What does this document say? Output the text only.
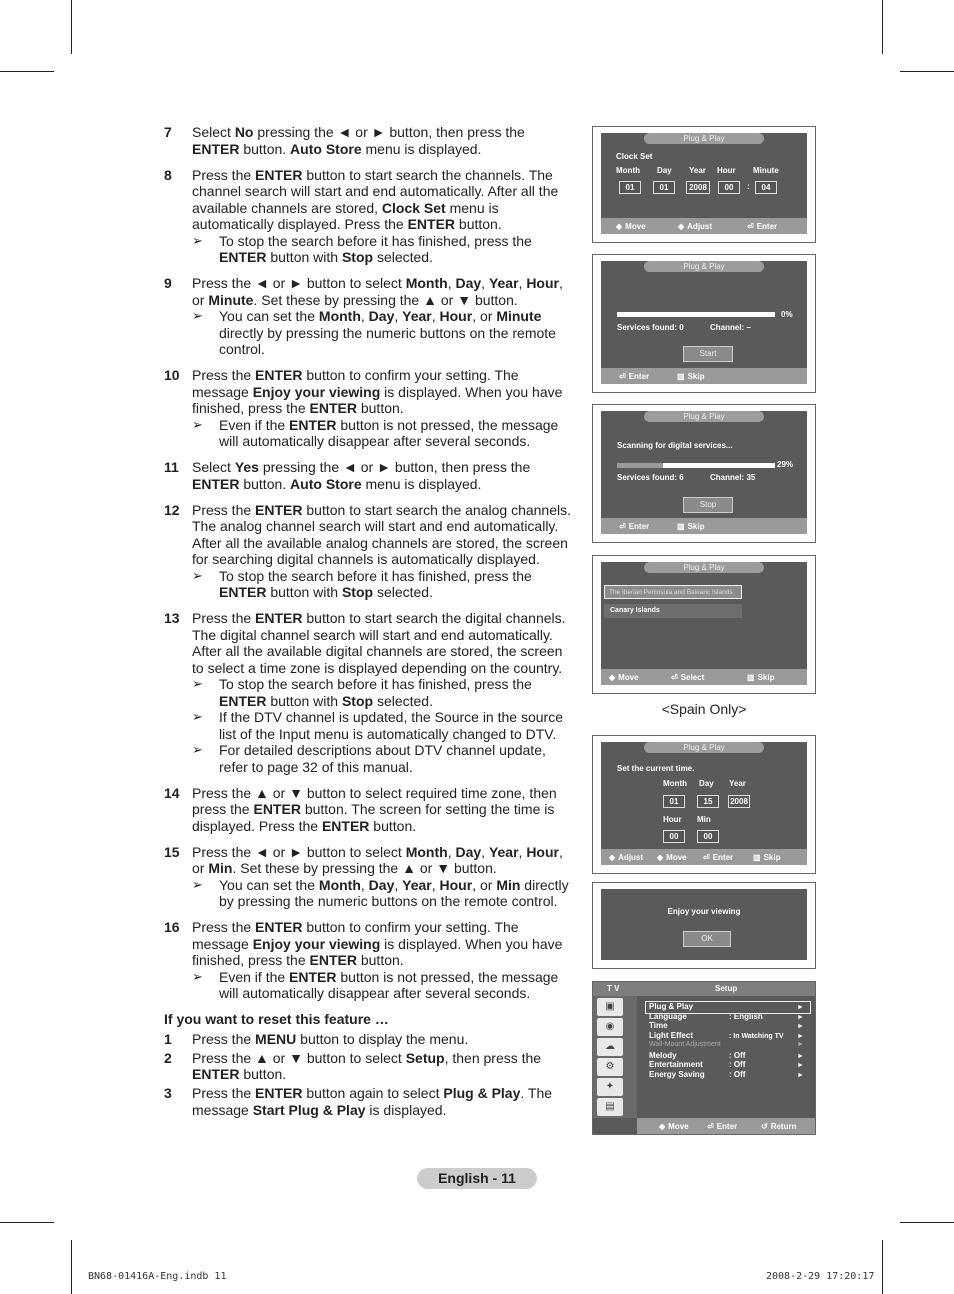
7	Select No pressing the ◄ or ► button, then press the ENTER button. Auto Store menu is displayed.
8	Press the ENTER button to start search the channels. The channel search will start and end automatically. After all the available channels are stored, Clock Set menu is automatically displayed. Press the ENTER button.
➢	To stop the search before it has finished, press the ENTER button with Stop selected.
9	Press the ◄ or ► button to select Month, Day, Year, Hour, or Minute. Set these by pressing the ▲ or ▼ button.
➢	You can set the Month, Day, Year, Hour, or Minute directly by pressing the numeric buttons on the remote control.
10 Press the ENTER button to confirm your setting. The message Enjoy your viewing is displayed. When you have finished, press the ENTER button.
➢	Even if the ENTER button is not pressed, the message will automatically disappear after several seconds.
11 Select Yes pressing the ◄ or ► button, then press the ENTER button. Auto Store menu is displayed.
12 Press the ENTER button to start search the analog channels. The analog channel search will start and end automatically. After all the available analog channels are stored, the screen for searching digital channels is automatically displayed.
➢	To stop the search before it has finished, press the ENTER button with Stop selected.
13 Press the ENTER button to start search the digital channels. The digital channel search will start and end automatically. After all the available digital channels are stored, the screen to select a time zone is displayed depending on the country.
➢	To stop the search before it has finished, press the ENTER button with Stop selected.
➢	If the DTV channel is updated, the Source in the source list of the Input menu is automatically changed to DTV.
➢	For detailed descriptions about DTV channel update, refer to page 32 of this manual.
14 Press the ▲ or ▼ button to select required time zone, then press the ENTER button. The screen for setting the time is displayed. Press the ENTER button.
15 Press the ◄ or ► button to select Month, Day, Year, Hour, or Min. Set these by pressing the ▲ or ▼ button.
➢	You can set the Month, Day, Year, Hour, or Min directly by pressing the numeric buttons on the remote control.
16 Press the ENTER button to confirm your setting. The message Enjoy your viewing is displayed. When you have finished, press the ENTER button.
➢	Even if the ENTER button is not pressed, the message will automatically disappear after several seconds.
If you want to reset this feature …
1	Press the MENU button to display the menu.
2	Press the ▲ or ▼ button to select Setup, then press the ENTER button.
3	Press the ENTER button again to select Plug & Play. The message Start Plug & Play is displayed.
Plug & Play
Clock Set
Month Day Year Hour Minute
01	01	2008	00	:	04
◆ Move	◆ Adjust	⏎ Enter
Plug & Play
0%
Services found: 0	Channel: –
Start
⏎ Enter	▥ Skip
Plug & Play
Scanning for digital services...
29%
Services found: 6	Channel: 35
Stop
⏎ Enter	▥ Skip
Plug & Play
The Iberian Peninsula and Balearic Islands
Canary Islands
◆ Move	⏎ Select	▥ Skip
<Spain Only>
Plug & Play
Set the current time.
Month Day Year
01	15	2008
Hour Min
00	00
◆ Adjust ◆ Move ⏎ Enter ▥ Skip
Enjoy your viewing
OK
T V	Setup
▣
◉
☁
⚙
✦
▤
Plug & Play	►
Language	: English	►
Time	►
Light Effect	: In Watching TV ►
Wall-Mount Adjustment	►
Melody	: Off	►
Entertainment	: Off	►
Energy Saving	: Off	►
◆ Move ⏎ Enter	↺ Return
English - 11
BN68-01416A-Eng.indb 11	2008-2-29 17:20:17
